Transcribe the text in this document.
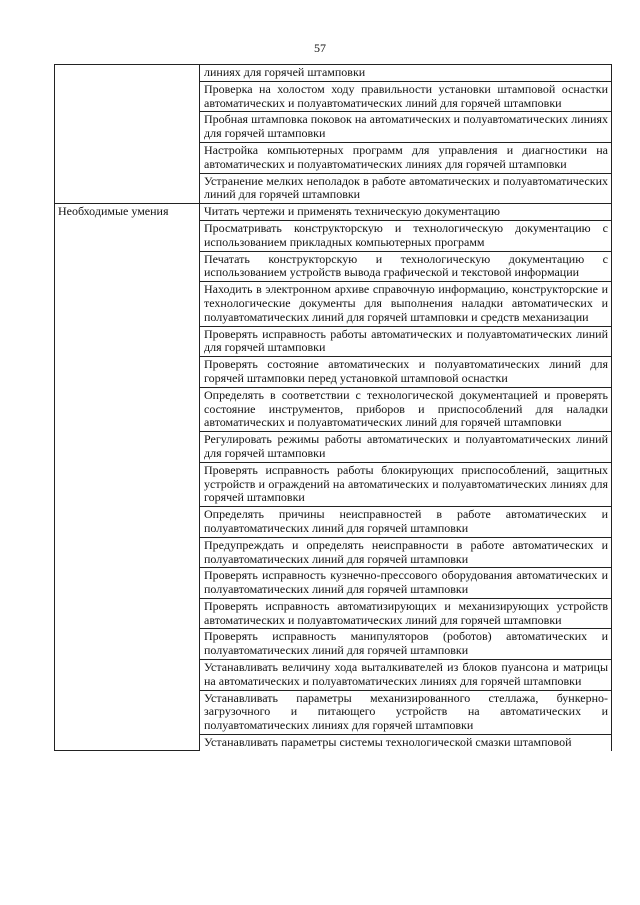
57
	линиях для горячей штамповки
	Проверка на холостом ходу правильности установки штамповой оснастки автоматических и полуавтоматических линий для горячей штамповки
	Пробная штамповка поковок на автоматических и полуавтоматических линиях для горячей штамповки
	Настройка компьютерных программ для управления и диагностики на автоматических и полуавтоматических линиях для горячей штамповки
	Устранение мелких неполадок в работе автоматических и полуавтоматических линий для горячей штамповки
Необходимые умения	Читать чертежи и применять техническую документацию
	Просматривать конструкторскую и технологическую документацию с использованием прикладных компьютерных программ
	Печатать конструкторскую и технологическую документацию с использованием устройств вывода графической и текстовой информации
	Находить в электронном архиве справочную информацию, конструкторские и технологические документы для выполнения наладки автоматических и полуавтоматических линий для горячей штамповки и средств механизации
	Проверять исправность работы автоматических и полуавтоматических линий для горячей штамповки
	Проверять состояние автоматических и полуавтоматических линий для горячей штамповки перед установкой штамповой оснастки
	Определять в соответствии с технологической документацией и проверять состояние инструментов, приборов и приспособлений для наладки автоматических и полуавтоматических линий для горячей штамповки
	Регулировать режимы работы автоматических и полуавтоматических линий для горячей штамповки
	Проверять исправность работы блокирующих приспособлений, защитных устройств и ограждений на автоматических и полуавтоматических линиях для горячей штамповки
	Определять причины неисправностей в работе автоматических и полуавтоматических линий для горячей штамповки
	Предупреждать и определять неисправности в работе автоматических и полуавтоматических линий для горячей штамповки
	Проверять исправность кузнечно-прессового оборудования автоматических и полуавтоматических линий для горячей штамповки
	Проверять исправность автоматизирующих и механизирующих устройств автоматических и полуавтоматических линий для горячей штамповки
	Проверять исправность манипуляторов (роботов) автоматических и полуавтоматических линий для горячей штамповки
	Устанавливать величину хода выталкивателей из блоков пуансона и матрицы на автоматических и полуавтоматических линиях для горячей штамповки
	Устанавливать параметры механизированного стеллажа, бункерно-загрузочного и питающего устройств на автоматических и полуавтоматических линиях для горячей штамповки
	Устанавливать параметры системы технологической смазки штамповой
